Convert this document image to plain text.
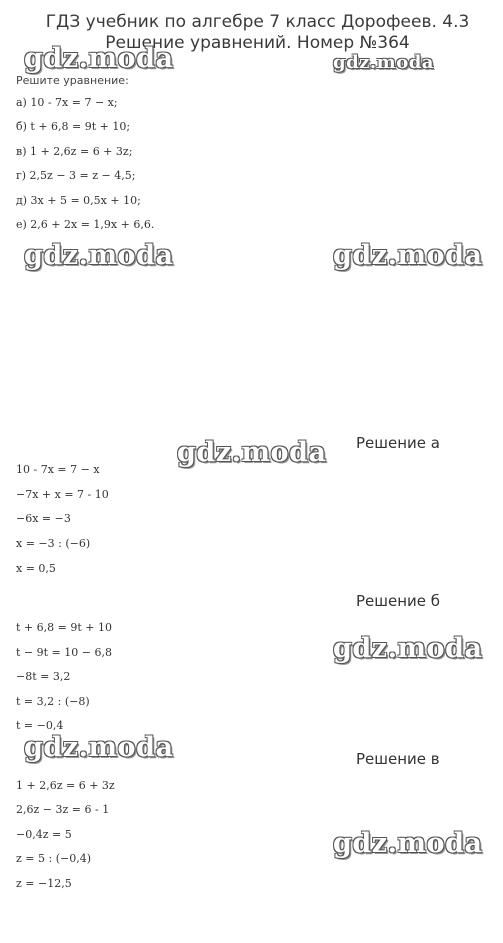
ГДЗ учебник по алгебре 7 класс Дорофеев. 4.3 Решение уравнений. Номер №364
gdz.moda	gdz.moda
Решите уравнение:
а) 10 - 7x = 7 − x;
б) t + 6,8 = 9t + 10;
в) 1 + 2,6z = 6 + 3z;
г) 2,5z − 3 = z − 4,5;
д) 3x + 5 = 0,5x + 10;
е) 2,6 + 2x = 1,9x + 6,6.
gdz.moda	gdz.moda
gdz.moda Решение а
10 - 7x = 7 − x
−7x + x = 7 - 10
−6x = −3
x = −3 : (−6)
x = 0,5
Решение б
t + 6,8 = 9t + 10
t − 9t = 10 − 6,8
−8t = 3,2
t = 3,2 : (−8)
t = −0,4
gdz.moda
gdz.moda	Решение в
1 + 2,6z = 6 + 3z
2,6z − 3z = 6 - 1
−0,4z = 5
z = 5 : (−0,4)
z = −12,5
gdz.moda
